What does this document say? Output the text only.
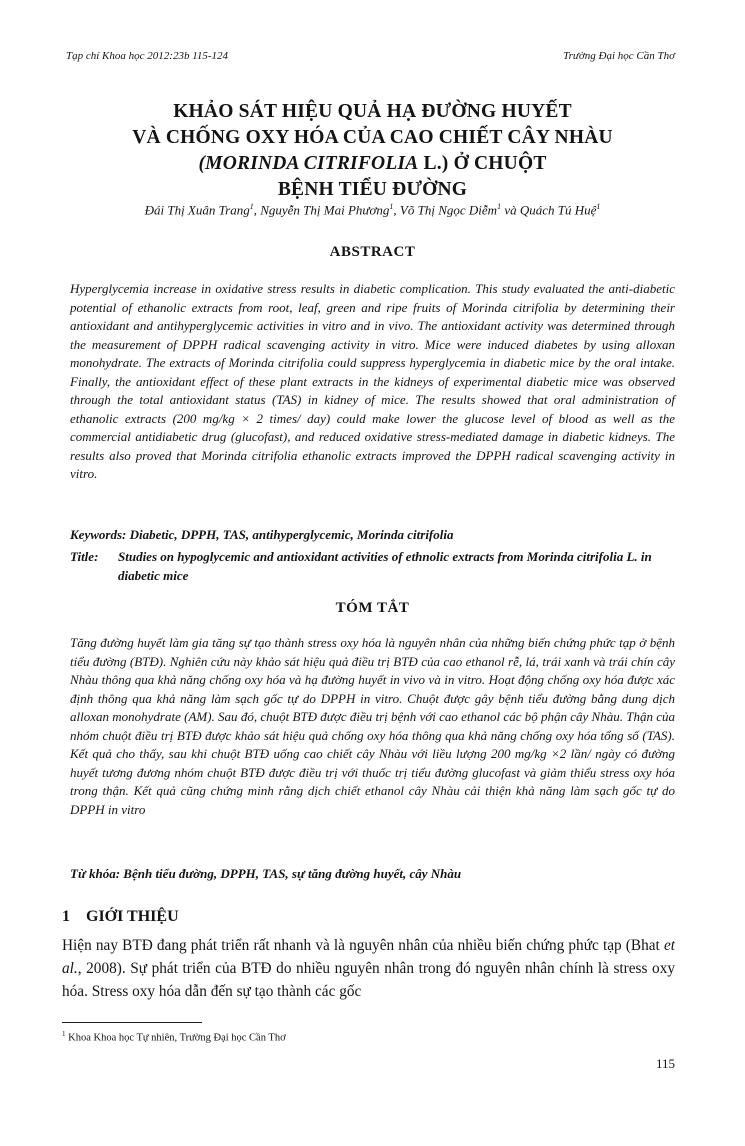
Tạp chí Khoa học 2012:23b 115-124	Trường Đại học Cần Thơ
KHẢO SÁT HIỆU QUẢ HẠ ĐƯỜNG HUYẾT
VÀ CHỐNG OXY HÓA CỦA CAO CHIẾT CÂY NHÀU
(MORINDA CITRIFOLIA L.) Ở CHUỘT
BỆNH TIỂU ĐƯỜNG
Đái Thị Xuân Trang$^1$, Nguyễn Thị Mai Phương$^1$, Võ Thị Ngọc Diễm$^1$ và Quách Tú Huệ$^1$
ABSTRACT

Hyperglycemia increase in oxidative stress results in diabetic complication. This study evaluated the anti-diabetic potential of ethanolic extracts from root, leaf, green and ripe fruits of Morinda citrifolia by determining their antioxidant and antihyperglycemic activities in vitro and in vivo. The antioxidant activity was determined through the measurement of DPPH radical scavenging activity in vitro. Mice were induced diabetes by using alloxan monohydrate. The extracts of Morinda citrifolia could suppress hyperglycemia in diabetic mice by the oral intake. Finally, the antioxidant effect of these plant extracts in the kidneys of experimental diabetic mice was observed through the total antioxidant status (TAS) in kidney of mice. The results showed that oral administration of ethanolic extracts (200 mg/kg × 2 times/ day) could make lower the glucose level of blood as well as the commercial antidiabetic drug (glucofast), and reduced oxidative stress-mediated damage in diabetic kidneys. The results also proved that Morinda citrifolia ethanolic extracts improved the DPPH radical scavenging activity in vitro.

Keywords: Diabetic, DPPH, TAS, antihyperglycemic, Morinda citrifolia
Title:	Studies on hypoglycemic and antioxidant activities of ethnolic extracts from Morinda citrifolia L. in diabetic mice
TÓM TẮT

Tăng đường huyết làm gia tăng sự tạo thành stress oxy hóa là nguyên nhân của những biến chứng phức tạp ở bệnh tiểu đường (BTĐ). Nghiên cứu này khảo sát hiệu quả điều trị BTĐ của cao ethanol rễ, lá, trái xanh và trái chín cây Nhàu thông qua khả năng chống oxy hóa và hạ đường huyết in vivo và in vitro. Hoạt động chống oxy hóa được xác định thông qua khả năng làm sạch gốc tự do DPPH in vitro. Chuột được gây bệnh tiểu đường bằng dung dịch alloxan monohydrate (AM). Sau đó, chuột BTĐ được điều trị bệnh với cao ethanol các bộ phận cây Nhàu. Thận của nhóm chuột điều trị BTĐ được khảo sát hiệu quả chống oxy hóa thông qua khả năng chống oxy hóa tổng số (TAS). Kết quả cho thấy, sau khi chuột BTĐ uống cao chiết cây Nhàu với liều lượng 200 mg/kg ×2 lần/ ngày có đường huyết tương đương nhóm chuột BTĐ được điều trị với thuốc trị tiểu đường glucofast và giảm thiểu stress oxy hóa trong thận. Kết quả cũng chứng minh rằng dịch chiết ethanol cây Nhàu cải thiện khả năng làm sạch gốc tự do DPPH in vitro

Từ khóa: Bệnh tiểu đường, DPPH, TAS, sự tăng đường huyết, cây Nhàu
1 GIỚI THIỆU

Hiện nay BTĐ đang phát triển rất nhanh và là nguyên nhân của nhiều biến chứng phức tạp (Bhat et al., 2008). Sự phát triển của BTĐ do nhiều nguyên nhân trong đó nguyên nhân chính là stress oxy hóa. Stress oxy hóa dẫn đến sự tạo thành các gốc

$^1$ Khoa Khoa học Tự nhiên, Trường Đại học Cần Thơ
115
